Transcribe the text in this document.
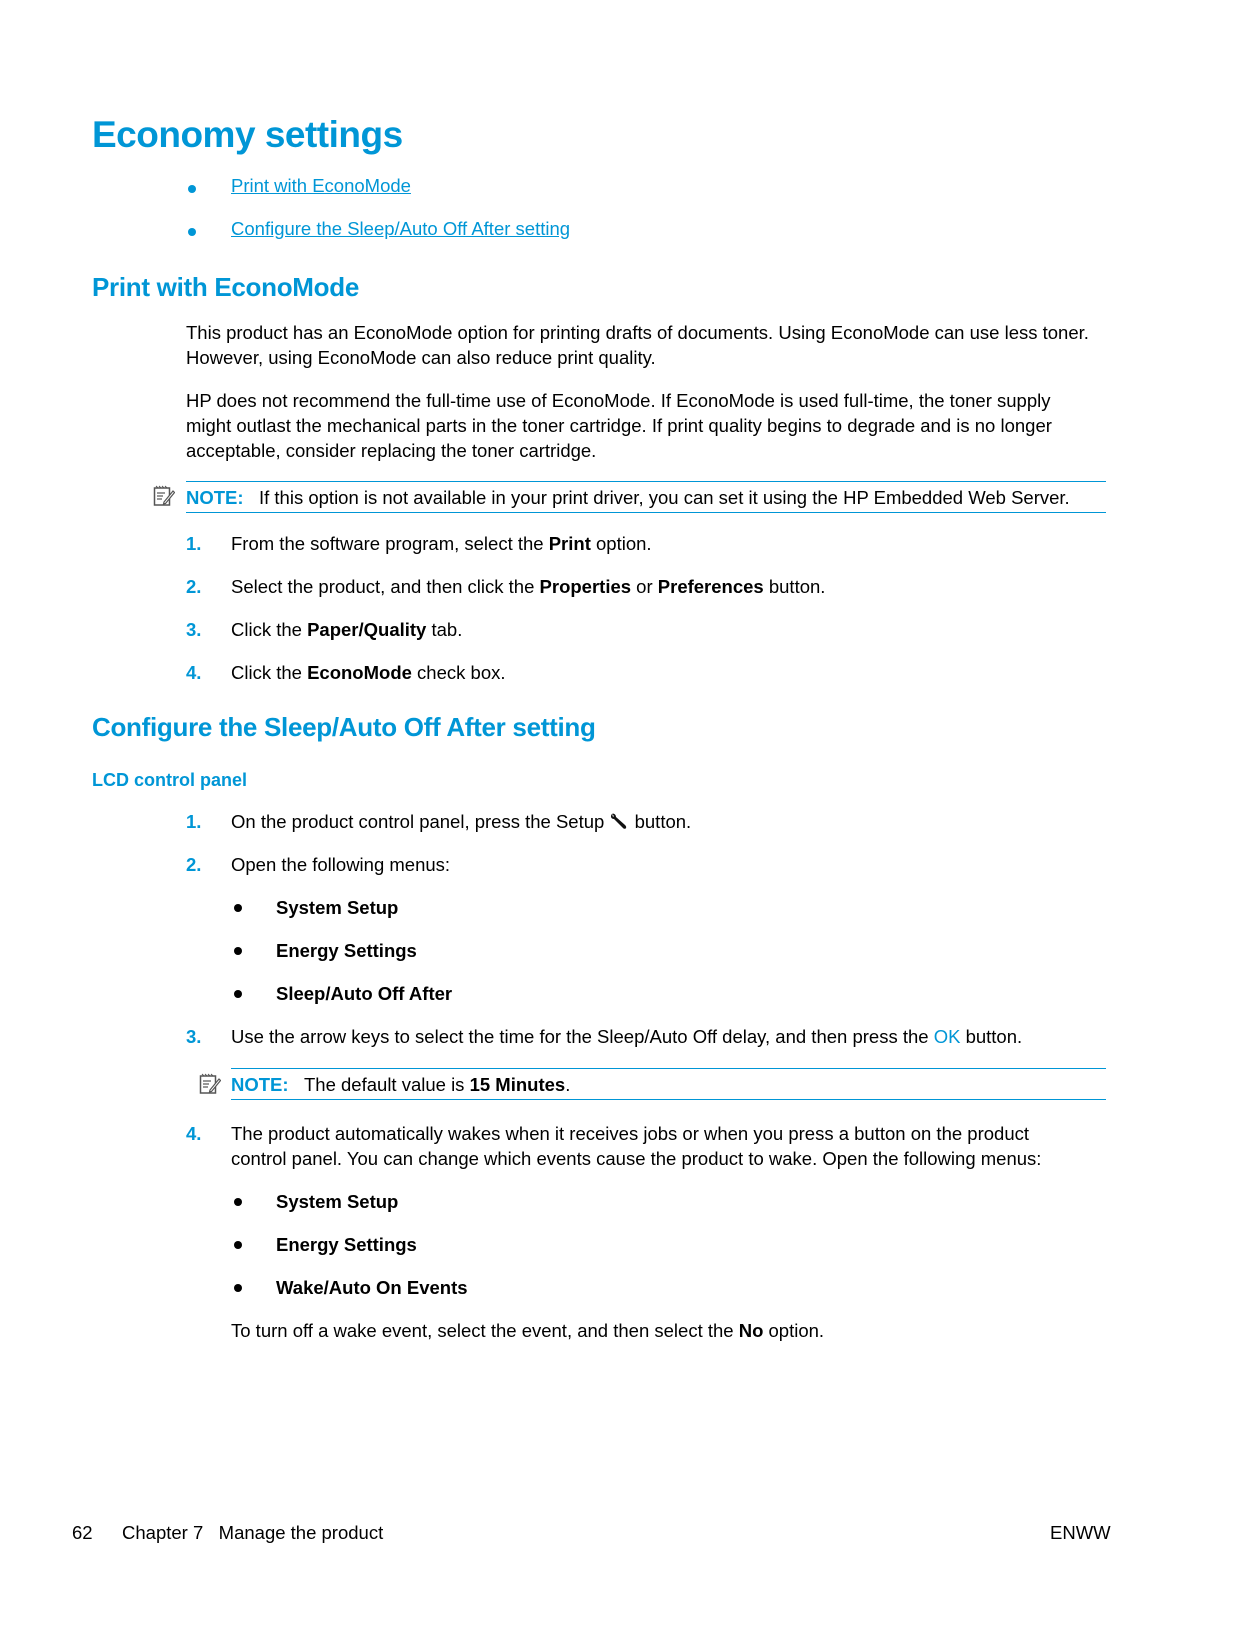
Economy settings
Print with EconoMode
Configure the Sleep/Auto Off After setting
Print with EconoMode
This product has an EconoMode option for printing drafts of documents. Using EconoMode can use less toner.
However, using EconoMode can also reduce print quality.
HP does not recommend the full-time use of EconoMode. If EconoMode is used full-time, the toner supply
might outlast the mechanical parts in the toner cartridge. If print quality begins to degrade and is no longer
acceptable, consider replacing the toner cartridge.
NOTE: If this option is not available in your print driver, you can set it using the HP Embedded Web Server.
1. From the software program, select the Print option.
2. Select the product, and then click the Properties or Preferences button.
3. Click the Paper/Quality tab.
4. Click the EconoMode check box.
Configure the Sleep/Auto Off After setting
LCD control panel
1. On the product control panel, press the Setup button.
2. Open the following menus:
System Setup
Energy Settings
Sleep/Auto Off After
3. Use the arrow keys to select the time for the Sleep/Auto Off delay, and then press the OK button.
NOTE: The default value is 15 Minutes.
4. The product automatically wakes when it receives jobs or when you press a button on the product
control panel. You can change which events cause the product to wake. Open the following menus:
System Setup
Energy Settings
Wake/Auto On Events
To turn off a wake event, select the event, and then select the No option.
62 Chapter 7   Manage the product	ENWW
